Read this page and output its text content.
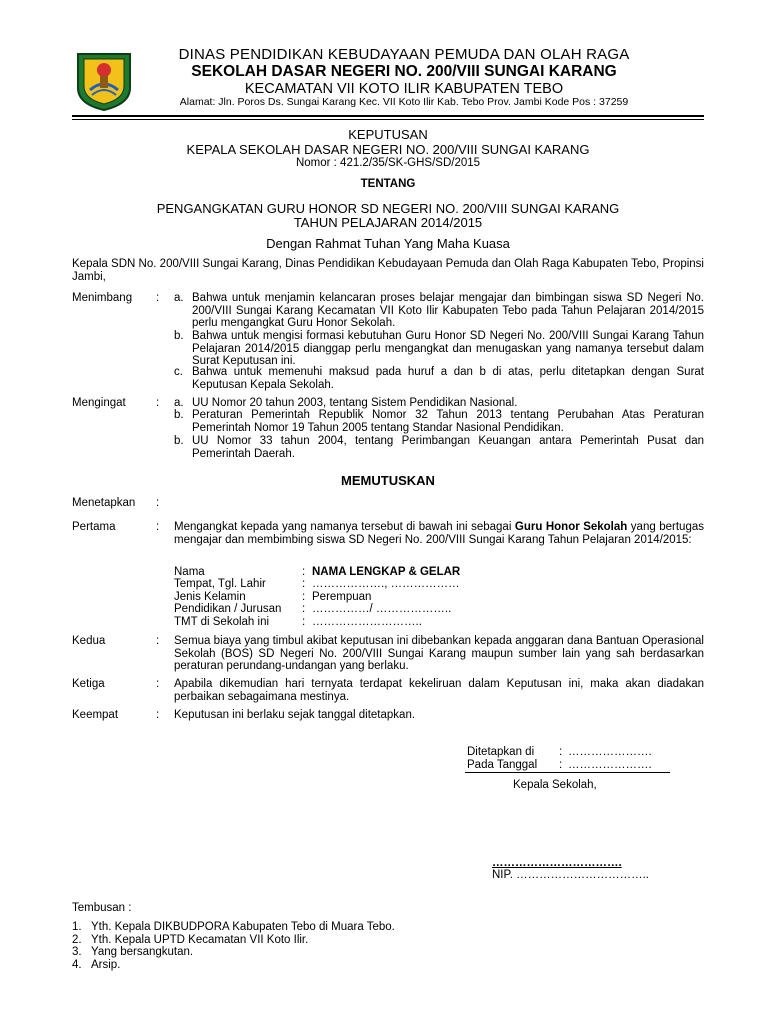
DINAS PENDIDIKAN KEBUDAYAAN PEMUDA DAN OLAH RAGA
SEKOLAH DASAR NEGERI NO. 200/VIII SUNGAI KARANG
KECAMATAN VII KOTO ILIR KABUPATEN TEBO
Alamat: Jln. Poros Ds. Sungai Karang Kec. VII Koto Ilir Kab. Tebo Prov. Jambi Kode Pos : 37259
KEPUTUSAN
KEPALA SEKOLAH DASAR NEGERI NO. 200/VIII SUNGAI KARANG
Nomor : 421.2/35/SK-GHS/SD/2015
TENTANG
PENGANGKATAN GURU HONOR SD NEGERI NO. 200/VIII SUNGAI KARANG
TAHUN PELAJARAN 2014/2015
Dengan Rahmat Tuhan Yang Maha Kuasa
Kepala SDN No. 200/VIII Sungai Karang, Dinas Pendidikan Kebudayaan Pemuda dan Olah Raga Kabupaten Tebo, Propinsi Jambi,
Menimbang : a. Bahwa untuk menjamin kelancaran proses belajar mengajar dan bimbingan siswa SD Negeri No. 200/VIII Sungai Karang Kecamatan VII Koto Ilir Kabupaten Tebo pada Tahun Pelajaran 2014/2015 perlu mengangkat Guru Honor Sekolah.
b. Bahwa untuk mengisi formasi kebutuhan Guru Honor SD Negeri No. 200/VIII Sungai Karang Tahun Pelajaran 2014/2015 dianggap perlu mengangkat dan menugaskan yang namanya tersebut dalam Surat Keputusan ini.
c. Bahwa untuk memenuhi maksud pada huruf a dan b di atas, perlu ditetapkan dengan Surat Keputusan Kepala Sekolah.
Mengingat	: a. UU Nomor 20 tahun 2003, tentang Sistem Pendidikan Nasional.
b. Peraturan Pemerintah Republik Nomor 32 Tahun 2013 tentang Perubahan Atas Peraturan Pemerintah Nomor 19 Tahun 2005 tentang Standar Nasional Pendidikan.
b. UU Nomor 33 tahun 2004, tentang Perimbangan Keuangan antara Pemerintah Pusat dan Pemerintah Daerah.
MEMUTUSKAN
Menetapkan :
Pertama	: Mengangkat kepada yang namanya tersebut di bawah ini sebagai Guru Honor Sekolah yang bertugas mengajar dan membimbing siswa SD Negeri No. 200/VIII Sungai Karang Tahun Pelajaran 2014/2015:
Nama	: NAMA LENGKAP & GELAR
Tempat, Tgl. Lahir	: ………………., ………………
Jenis Kelamin	: Perempuan
Pendidikan / Jurusan : ……………/ ………………..
TMT di Sekolah ini	: ………………………..
Kedua	: Semua biaya yang timbul akibat keputusan ini dibebankan kepada anggaran dana Bantuan Operasional Sekolah (BOS) SD Negeri No. 200/VIII Sungai Karang maupun sumber lain yang sah berdasarkan peraturan perundang-undangan yang berlaku.
Ketiga	: Apabila dikemudian hari ternyata terdapat kekeliruan dalam Keputusan ini, maka akan diadakan perbaikan sebagaimana mestinya.
Keempat	: Keputusan ini berlaku sejak tanggal ditetapkan.
Ditetapkan di : ………………….
Pada Tanggal : ………………….
Kepala Sekolah,
…………………………….
NIP. ……………………………..
Tembusan :
1. Yth. Kepala DIKBUDPORA Kabupaten Tebo di Muara Tebo.
2. Yth. Kepala UPTD Kecamatan VII Koto Ilir.
3. Yang bersangkutan.
4. Arsip.
